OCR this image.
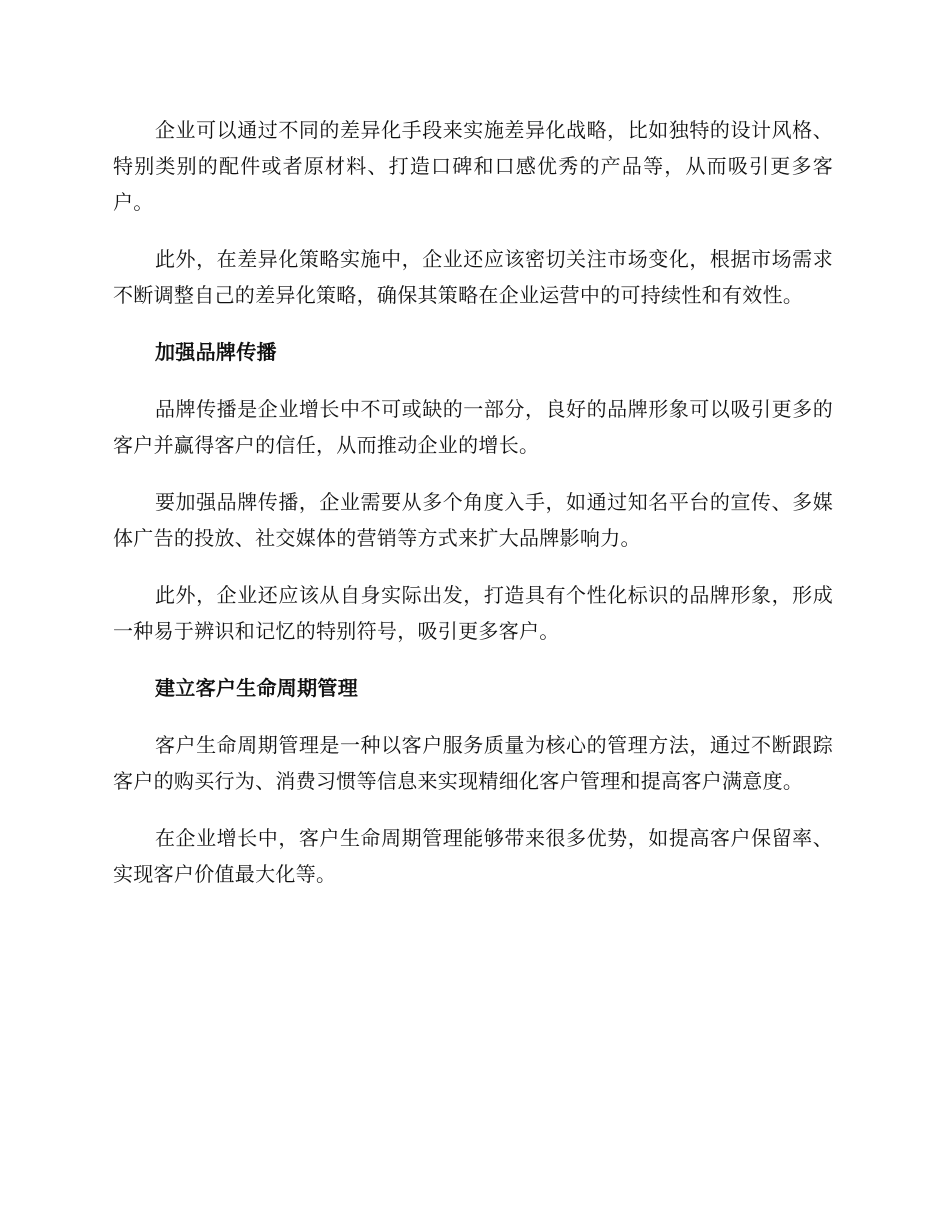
企业可以通过不同的差异化手段来实施差异化战略，比如独特的设计风格、特别类别的配件或者原材料、打造口碑和口感优秀的产品等，从而吸引更多客户。

此外，在差异化策略实施中，企业还应该密切关注市场变化，根据市场需求不断调整自己的差异化策略，确保其策略在企业运营中的可持续性和有效性。

加强品牌传播

品牌传播是企业增长中不可或缺的一部分，良好的品牌形象可以吸引更多的客户并赢得客户的信任，从而推动企业的增长。

要加强品牌传播，企业需要从多个角度入手，如通过知名平台的宣传、多媒体广告的投放、社交媒体的营销等方式来扩大品牌影响力。

此外，企业还应该从自身实际出发，打造具有个性化标识的品牌形象，形成一种易于辨识和记忆的特别符号，吸引更多客户。

建立客户生命周期管理

客户生命周期管理是一种以客户服务质量为核心的管理方法，通过不断跟踪客户的购买行为、消费习惯等信息来实现精细化客户管理和提高客户满意度。

在企业增长中，客户生命周期管理能够带来很多优势，如提高客户保留率、实现客户价值最大化等。
